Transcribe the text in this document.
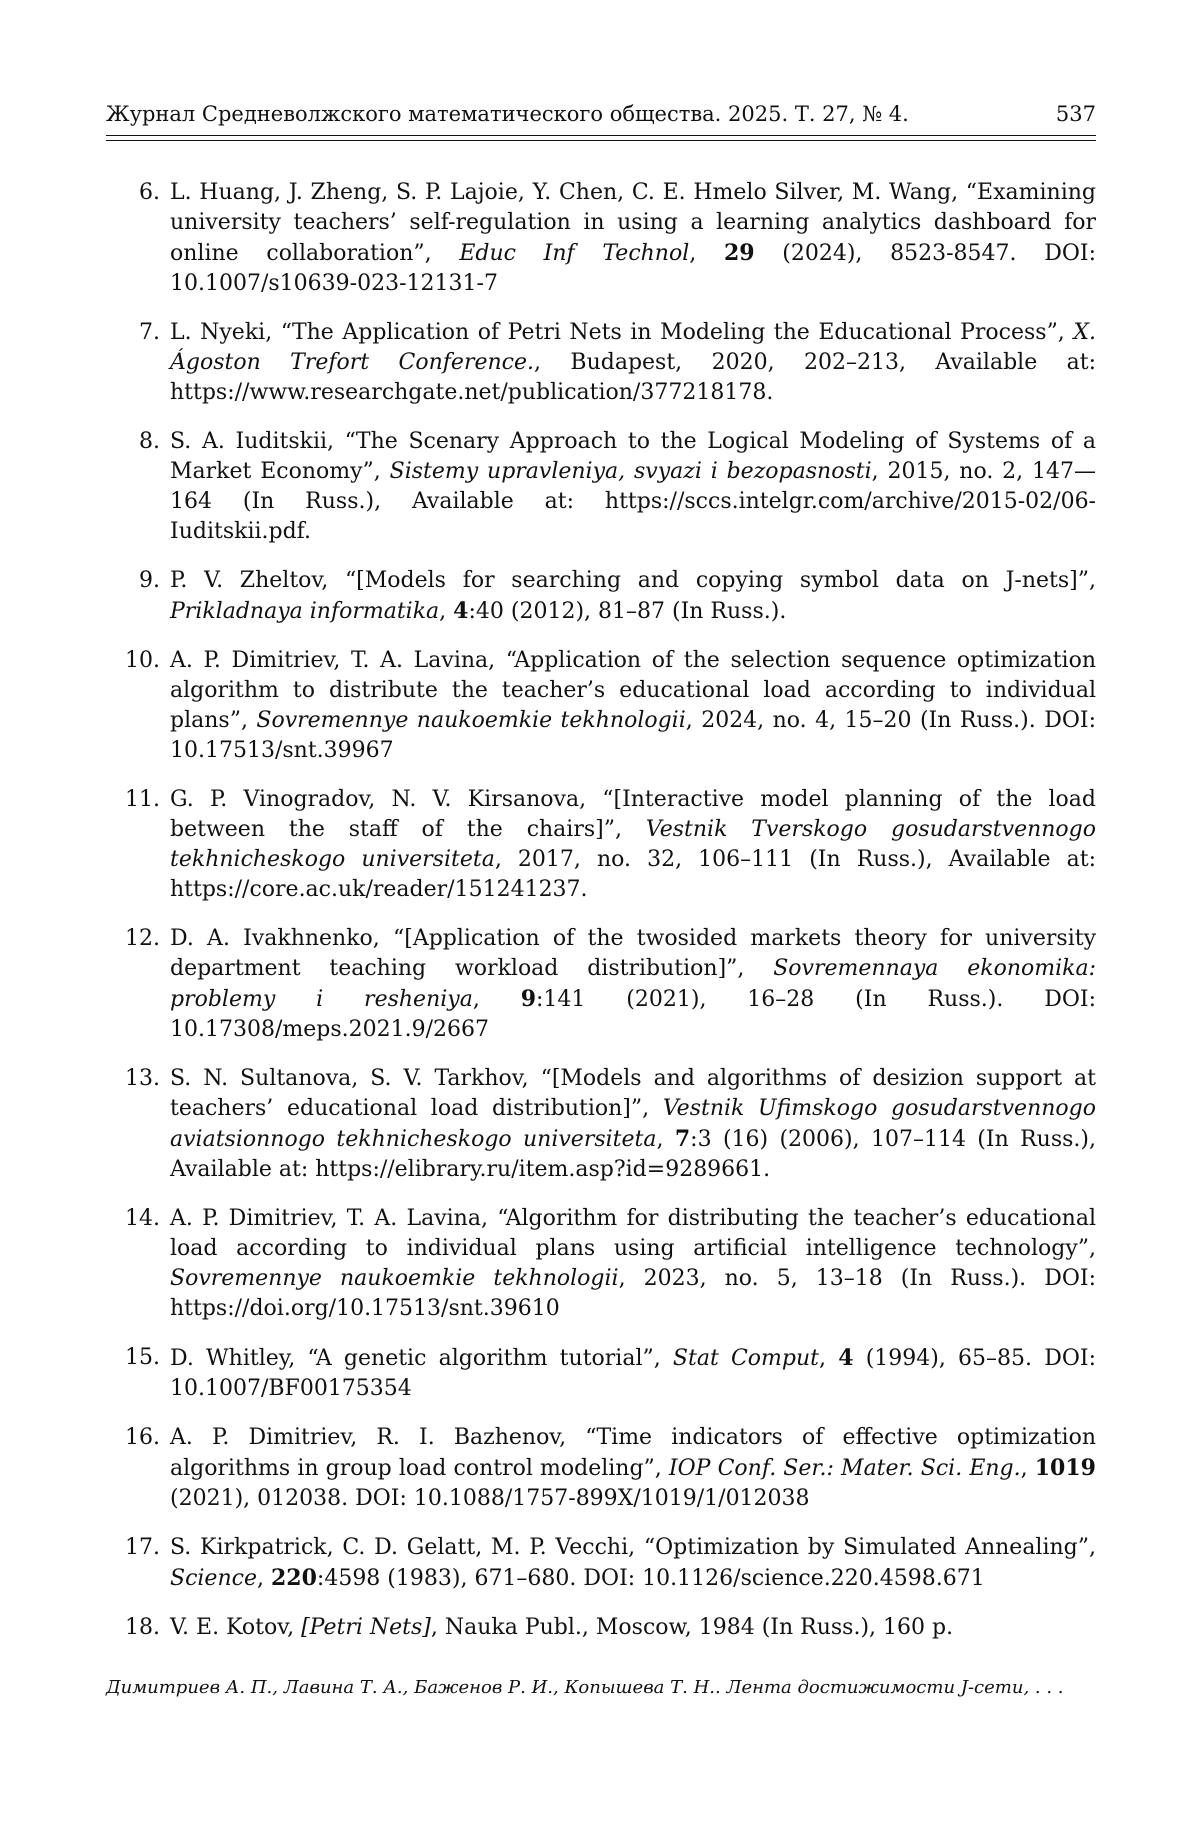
Журнал Средневолжского математического общества. 2025. Т. 27, № 4.	537
6. L. Huang, J. Zheng, S. P. Lajoie, Y. Chen, C. E. Hmelo Silver, M. Wang, “Examining university teachers’ self-regulation in using a learning analytics dashboard for online collaboration”, Educ Inf Technol, 29 (2024), 8523-8547. DOI: 10.1007/s10639-023-12131-7
7. L. Nyeki, “The Application of Petri Nets in Modeling the Educational Process”, X. Ágoston Trefort Conference., Budapest, 2020, 202–213, Available at: https://www.researchgate.net/publication/377218178.
8. S. A. Iuditskii, “The Scenary Approach to the Logical Modeling of Systems of a Market Economy”, Sistemy upravleniya, svyazi i bezopasnosti, 2015, no. 2, 147—164 (In Russ.), Available at: https://sccs.intelgr.com/archive/2015-02/06-Iuditskii.pdf.
9. P. V. Zheltov, “[Models for searching and copying symbol data on J-nets]”, Prikladnaya informatika, 4:40 (2012), 81–87 (In Russ.).
10. A. P. Dimitriev, T. A. Lavina, “Application of the selection sequence optimization algorithm to distribute the teacher’s educational load according to individual plans”, Sovremennye naukoemkie tekhnologii, 2024, no. 4, 15–20 (In Russ.). DOI: 10.17513/snt.39967
11. G. P. Vinogradov, N. V. Kirsanova, “[Interactive model planning of the load between the staff of the chairs]”, Vestnik Tverskogo gosudarstvennogo tekhnicheskogo universiteta, 2017, no. 32, 106–111 (In Russ.), Available at: https://core.ac.uk/reader/151241237.
12. D. A. Ivakhnenko, “[Application of the twosided markets theory for university department teaching workload distribution]”, Sovremennaya ekonomika: problemy i resheniya, 9:141 (2021), 16–28 (In Russ.). DOI: 10.17308/meps.2021.9/2667
13. S. N. Sultanova, S. V. Tarkhov, “[Models and algorithms of desizion support at teachers’ educational load distribution]”, Vestnik Ufimskogo gosudarstvennogo aviatsionnogo tekhnicheskogo universiteta, 7:3 (16) (2006), 107–114 (In Russ.), Available at: https://elibrary.ru/item.asp?id=9289661.
14. A. P. Dimitriev, T. A. Lavina, “Algorithm for distributing the teacher’s educational load according to individual plans using artificial intelligence technology”, Sovremennye naukoemkie tekhnologii, 2023, no. 5, 13–18 (In Russ.). DOI: https://doi.org/10.17513/snt.39610
15. D. Whitley, “A genetic algorithm tutorial”, Stat Comput, 4 (1994), 65–85. DOI: 10.1007/BF00175354
16. A. P. Dimitriev, R. I. Bazhenov, “Time indicators of effective optimization algorithms in group load control modeling”, IOP Conf. Ser.: Mater. Sci. Eng., 1019 (2021), 012038. DOI: 10.1088/1757-899X/1019/1/012038
17. S. Kirkpatrick, C. D. Gelatt, M. P. Vecchi, “Optimization by Simulated Annealing”, Science, 220:4598 (1983), 671–680. DOI: 10.1126/science.220.4598.671
18. V. E. Kotov, [Petri Nets], Nauka Publ., Moscow, 1984 (In Russ.), 160 p.
Димитриев А. П., Лавина Т. А., Баженов Р. И., Копышева Т. Н.. Лента достижимости J-сети, . . .
